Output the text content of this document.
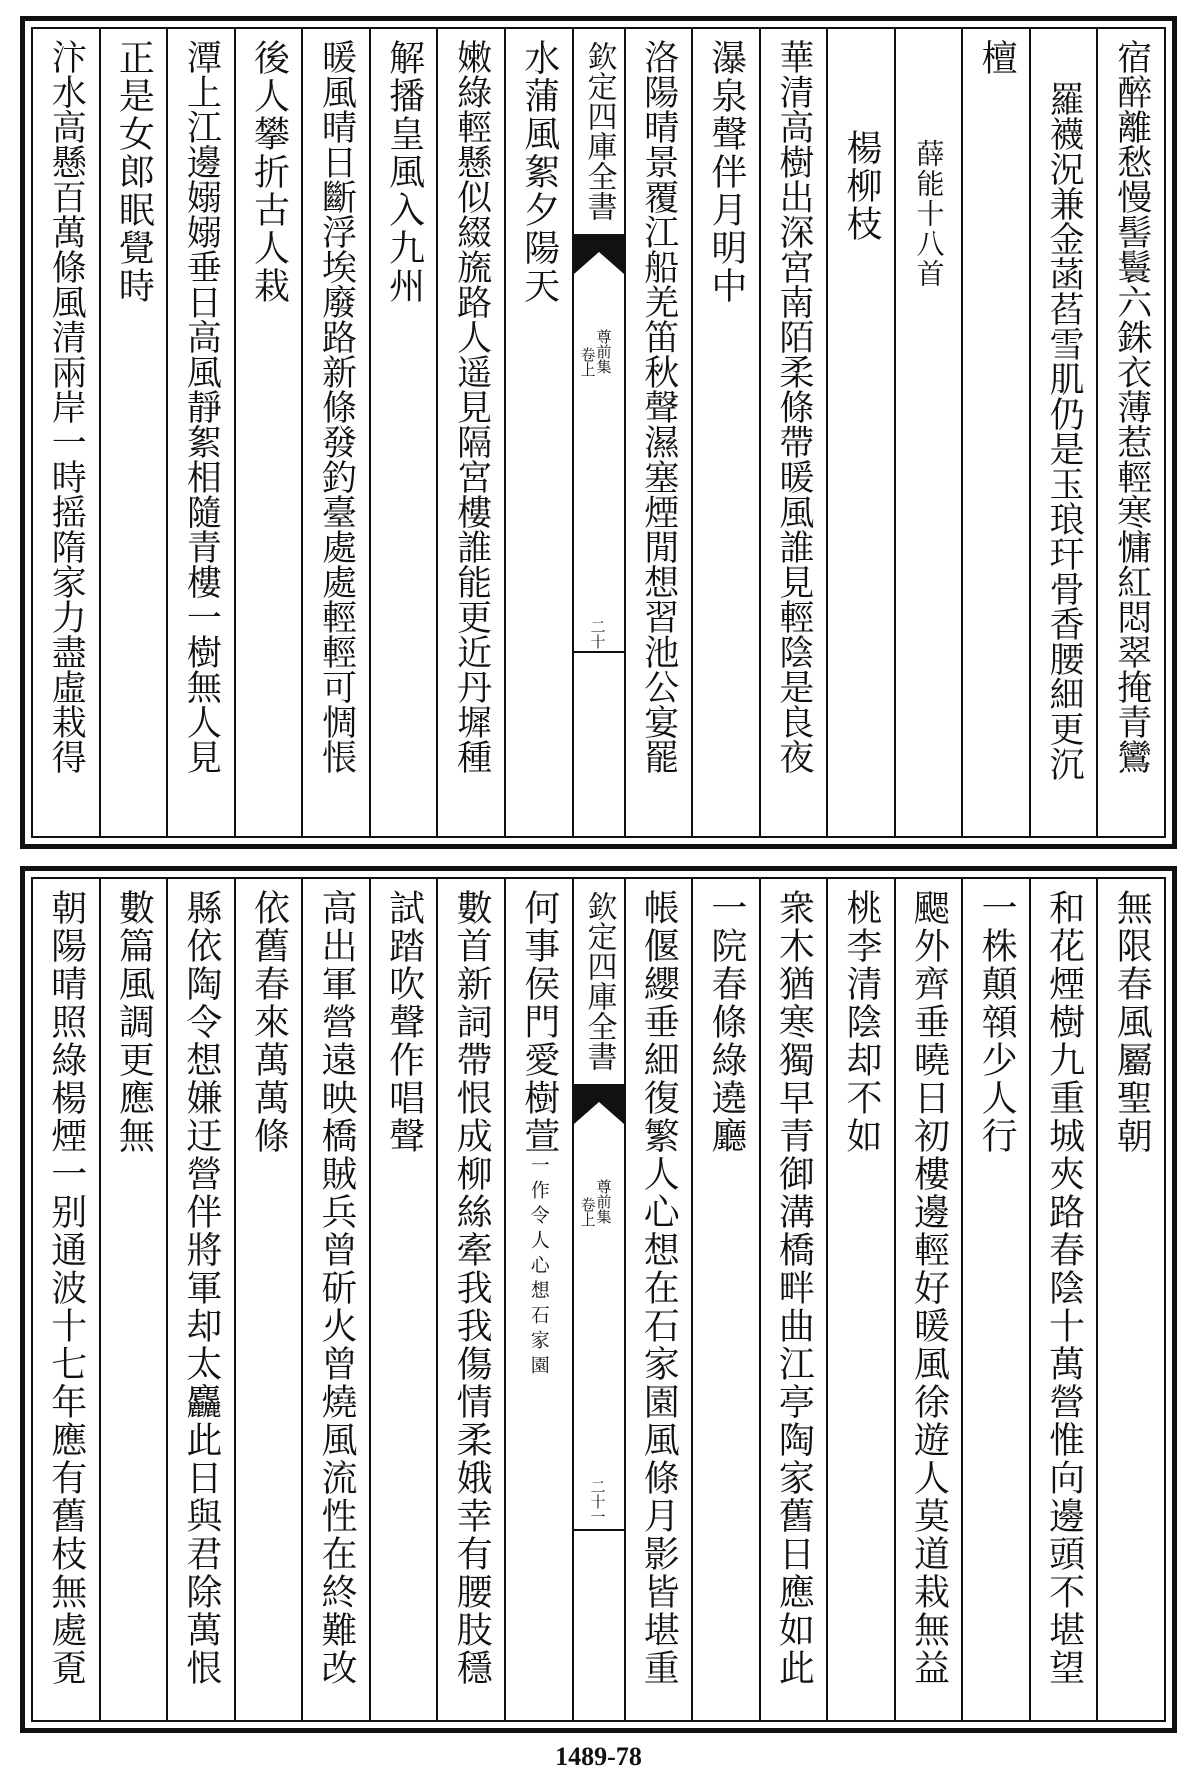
宿醉離愁慢髻鬟六銖衣薄惹輕寒慵紅悶翠掩青鸞
羅襪況兼金菡萏雪肌仍是玉琅玕骨香腰細更沉
檀
薛能十八首
楊柳枝
華清高樹出深宮南陌柔條帶暖風誰見輕陰是良夜
瀑泉聲伴月明中
洛陽晴景覆江船羌笛秋聲濕塞煙閒想習池公宴罷
欽定四庫全書
尊前集
卷上
二十
水蒲風絮夕陽天
嫩綠輕懸似綴旒路人遥見隔宮樓誰能更近丹墀種
解播皇風入九州
暖風晴日斷浮埃廢路新條發釣臺處處輕輕可惆悵
後人攀折古人栽
潭上江邊嫋嫋垂日高風靜絮相隨青樓一樹無人見
正是女郎眠覺時
汴水高懸百萬條風清兩岸一時摇隋家力盡虛栽得
無限春風屬聖朝
和花煙樹九重城夾路春陰十萬營惟向邊頭不堪望
一株顛顇少人行
颸外齊垂曉日初樓邊輕好暖風徐遊人莫道栽無益
桃李清陰却不如
衆木猶寒獨早青御溝橋畔曲江亭陶家舊日應如此
一院春條綠遶廳
帳偃纓垂細復繁人心想在石家園風條月影皆堪重
欽定四庫全書
尊前集
卷上
二十一
何事侯門愛樹萱一作令人心想石家園
數首新詞帶恨成柳絲牽我我傷情柔娥幸有腰肢穩
試踏吹聲作唱聲
高出軍營遠映橋賊兵曾斫火曾燒風流性在終難改
依舊春來萬萬條
縣依陶令想嫌迂營伴將軍却太麤此日與君除萬恨
數篇風調更應無
朝陽晴照綠楊煙一别通波十七年應有舊枝無處覔
1489-78
